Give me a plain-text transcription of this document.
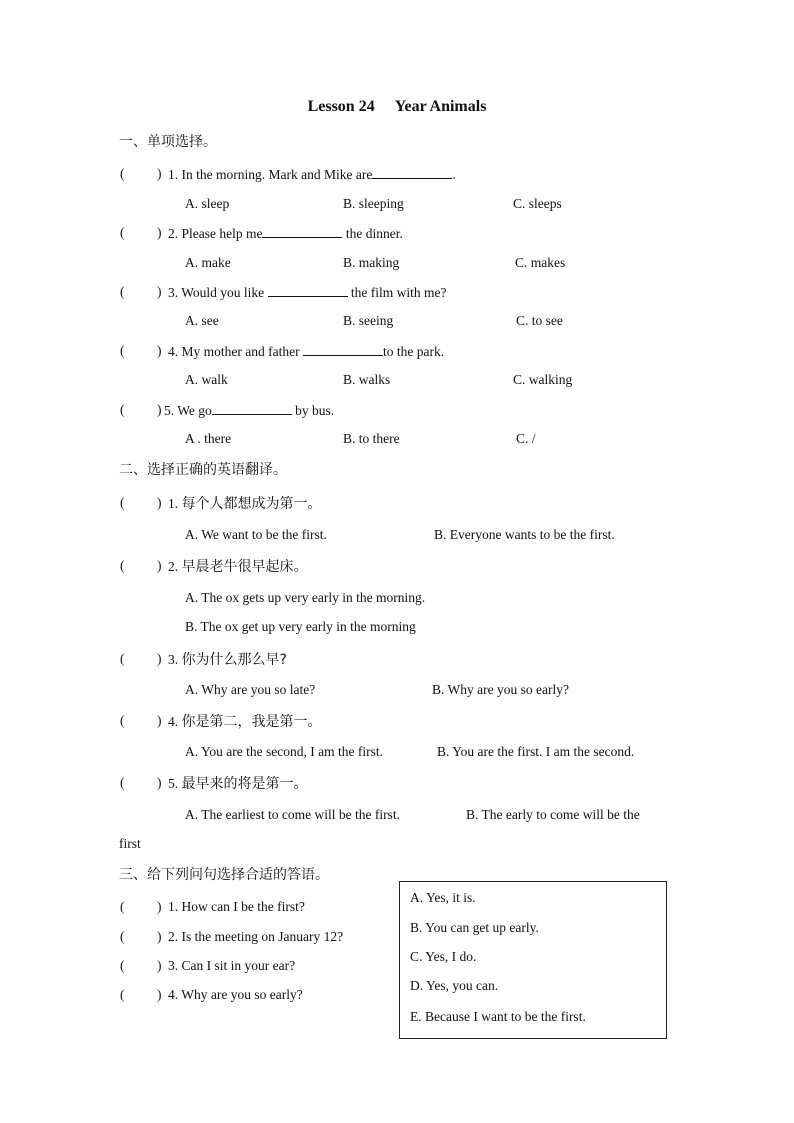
Lesson 24 Year Animals
一、单项选择。
( ) 1. In the morning. Mark and Mike are	.
A. sleep	B. sleeping	C. sleeps
( ) 2. Please help me	the dinner.
A. make	B. making	C. makes
( ) 3. Would you like	the film with me?
A. see	B. seeing	C. to see
( ) 4. My mother and father	to the park.
A. walk	B. walks	C. walking
( ) 5. We go	by bus.
A . there	B. to there	C. /
二、选择正确的英语翻译。
( ) 1. 每个人都想成为第一。
A. We want to be the first.	B. Everyone wants to be the first.
( ) 2. 早晨老牛很早起床。
A. The ox gets up very early in the morning.
B. The ox get up very early in the morning
( ) 3. 你为什么那么早?
A. Why are you so late?	B. Why are you so early?
( ) 4. 你是第二，我是第一。
A. You are the second, I am the first.	B. You are the first. I am the second.
( ) 5. 最早来的将是第一。
A. The earliest to come will be the first.	B. The early to come will be the
first
三、给下列问句选择合适的答语。
( ) 1. How can I be the first?
( ) 2. Is the meeting on January 12?
( ) 3. Can I sit in your ear?
( ) 4. Why are you so early?
A. Yes, it is.
B. You can get up early.
C. Yes, I do.
D. Yes, you can.
E. Because I want to be the first.
